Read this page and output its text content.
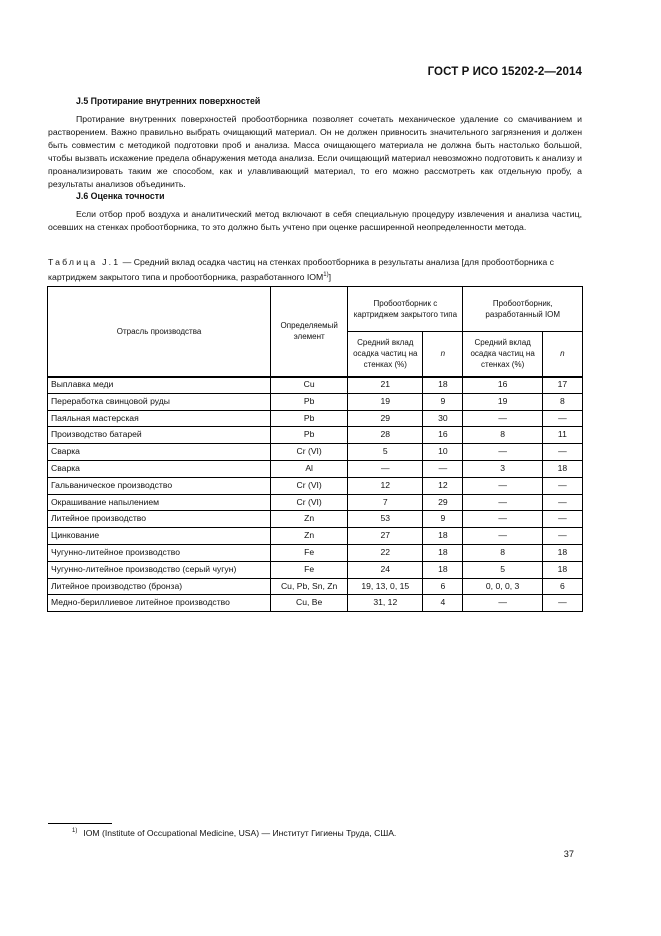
ГОСТ Р ИСО 15202-2—2014
J.5 Протирание внутренних поверхностей

Протирание внутренних поверхностей пробоотборника позволяет сочетать механическое удаление со смачиванием и растворением. Важно правильно выбрать очищающий материал. Он не должен привносить значительного загрязнения и должен быть совместим с методикой подготовки проб и анализа. Масса очищающего материала не должна быть настолько большой, чтобы вызвать искажение предела обнаружения метода анализа. Если очищающий материал невозможно подготовить к анализу и проанализировать таким же способом, как и улавливающий материал, то его можно рассмотреть как отдельную пробу, а результаты анализов объединить.

J.6 Оценка точности

Если отбор проб воздуха и аналитический метод включают в себя специальную процедуру извлечения и анализа частиц, осевших на стенках пробоотборника, то это должно быть учтено при оценке расширенной неопределенности метода.

Таблица J.1 — Средний вклад осадка частиц на стенках пробоотборника в результаты анализа [для пробоотборника с картриджем закрытого типа и пробоотборника, разработанного IOM$^{1)}$]
Отрасль производства	Определяемый элемент	Пробоотборник с картриджем закрытого типа		Пробоотборник, разработанный IOM	
		Средний вклад осадка частиц на стенках (%)	n	Средний вклад осадка частиц на стенках (%)	n
Выплавка меди	Cu	21	18	16	17
Переработка свинцовой руды	Pb	19	9	19	8
Паяльная мастерская	Pb	29	30	—	—
Производство батарей	Pb	28	16	8	11
Сварка	Cr (VI)	5	10	—	—
Сварка	Al	—	—	3	18
Гальваническое производство	Cr (VI)	12	12	—	—
Окрашивание напылением	Cr (VI)	7	29	—	—
Литейное производство	Zn	53	9	—	—
Цинкование	Zn	27	18	—	—
Чугунно-литейное производство	Fe	22	18	8	18
Чугунно-литейное производство (серый чугун)	Fe	24	18	5	18
Литейное производство (бронза)	Cu, Pb, Sn, Zn	19, 13, 0, 15	6	0, 0, 0, 3	6
Медно-бериллиевое литейное производство	Cu, Be	31, 12	4	—	—
$^{1)}$ IOM (Institute of Occupational Medicine, USA) — Институт Гигиены Труда, США.
37
